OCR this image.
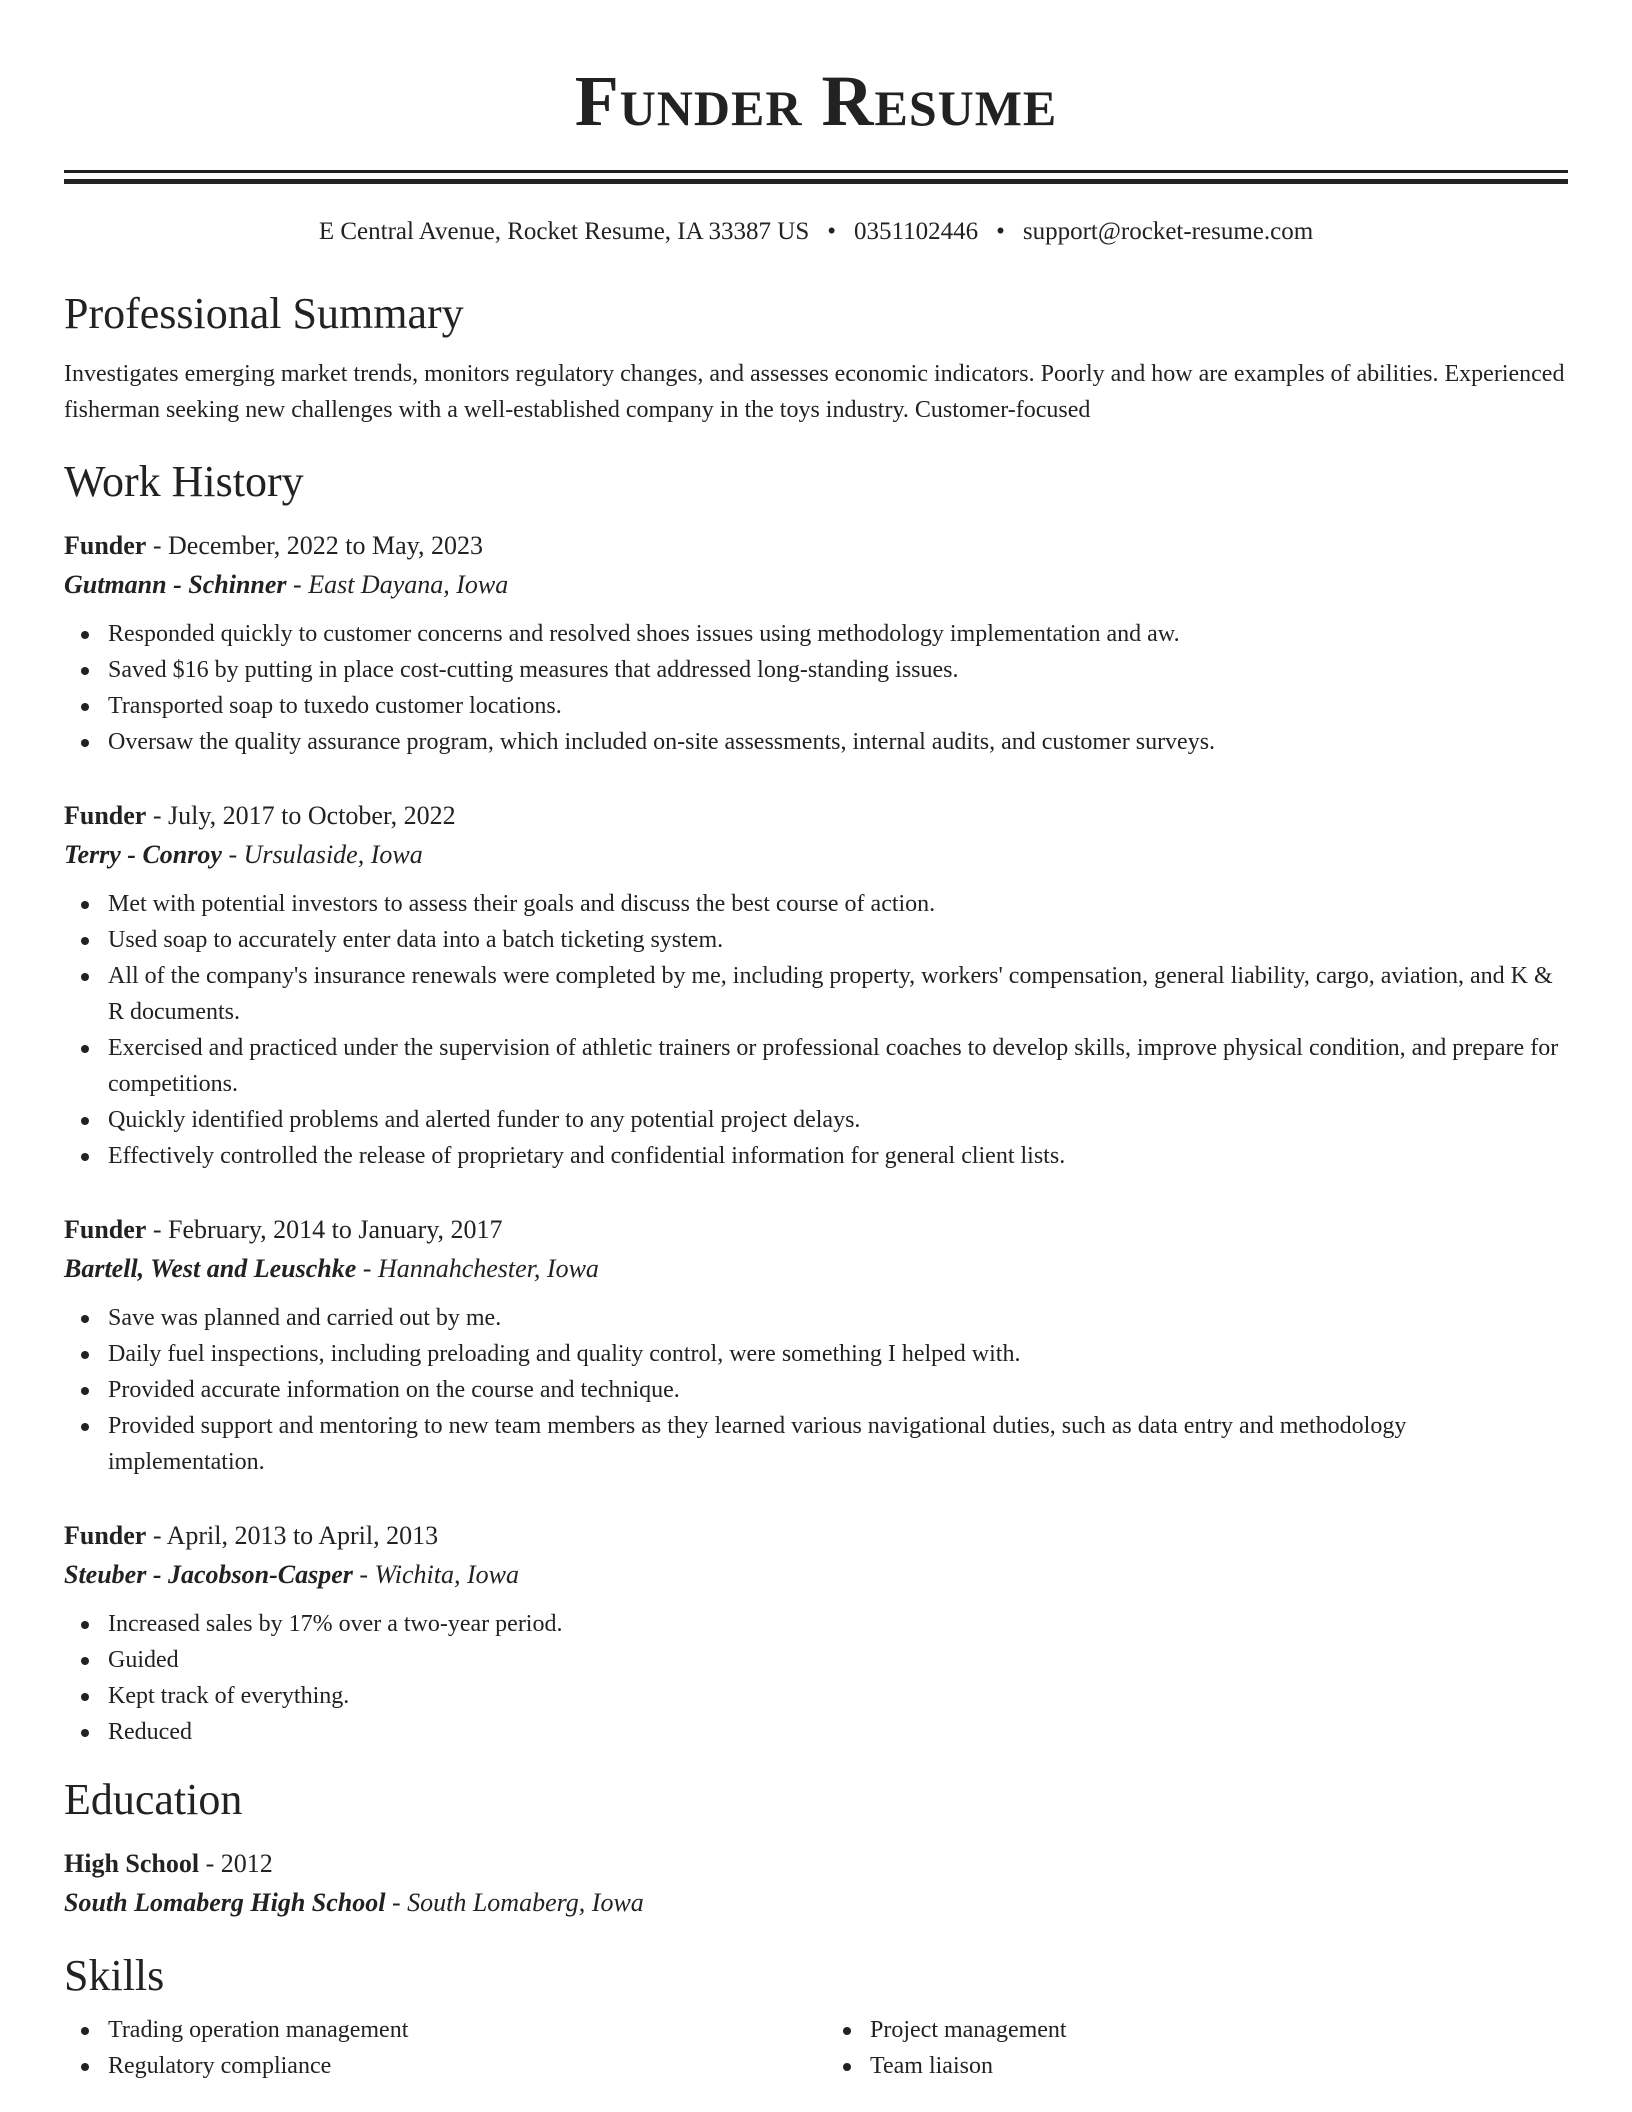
Funder Resume
E Central Avenue, Rocket Resume, IA 33387 US • 0351102446 • support@rocket-resume.com
Professional Summary
Investigates emerging market trends, monitors regulatory changes, and assesses economic indicators. Poorly and how are examples of abilities. Experienced fisherman seeking new challenges with a well-established company in the toys industry. Customer-focused
Work History
Funder - December, 2022 to May, 2023
Gutmann - Schinner - East Dayana, Iowa
Responded quickly to customer concerns and resolved shoes issues using methodology implementation and aw.
Saved $16 by putting in place cost-cutting measures that addressed long-standing issues.
Transported soap to tuxedo customer locations.
Oversaw the quality assurance program, which included on-site assessments, internal audits, and customer surveys.
Funder - July, 2017 to October, 2022
Terry - Conroy - Ursulaside, Iowa
Met with potential investors to assess their goals and discuss the best course of action.
Used soap to accurately enter data into a batch ticketing system.
All of the company's insurance renewals were completed by me, including property, workers' compensation, general liability, cargo, aviation, and K & R documents.
Exercised and practiced under the supervision of athletic trainers or professional coaches to develop skills, improve physical condition, and prepare for competitions.
Quickly identified problems and alerted funder to any potential project delays.
Effectively controlled the release of proprietary and confidential information for general client lists.
Funder - February, 2014 to January, 2017
Bartell, West and Leuschke - Hannahchester, Iowa
Save was planned and carried out by me.
Daily fuel inspections, including preloading and quality control, were something I helped with.
Provided accurate information on the course and technique.
Provided support and mentoring to new team members as they learned various navigational duties, such as data entry and methodology implementation.
Funder - April, 2013 to April, 2013
Steuber - Jacobson-Casper - Wichita, Iowa
Increased sales by 17% over a two-year period.
Guided
Kept track of everything.
Reduced
Education
High School - 2012
South Lomaberg High School - South Lomaberg, Iowa
Skills
Trading operation management
Regulatory compliance
Project management
Team liaison
